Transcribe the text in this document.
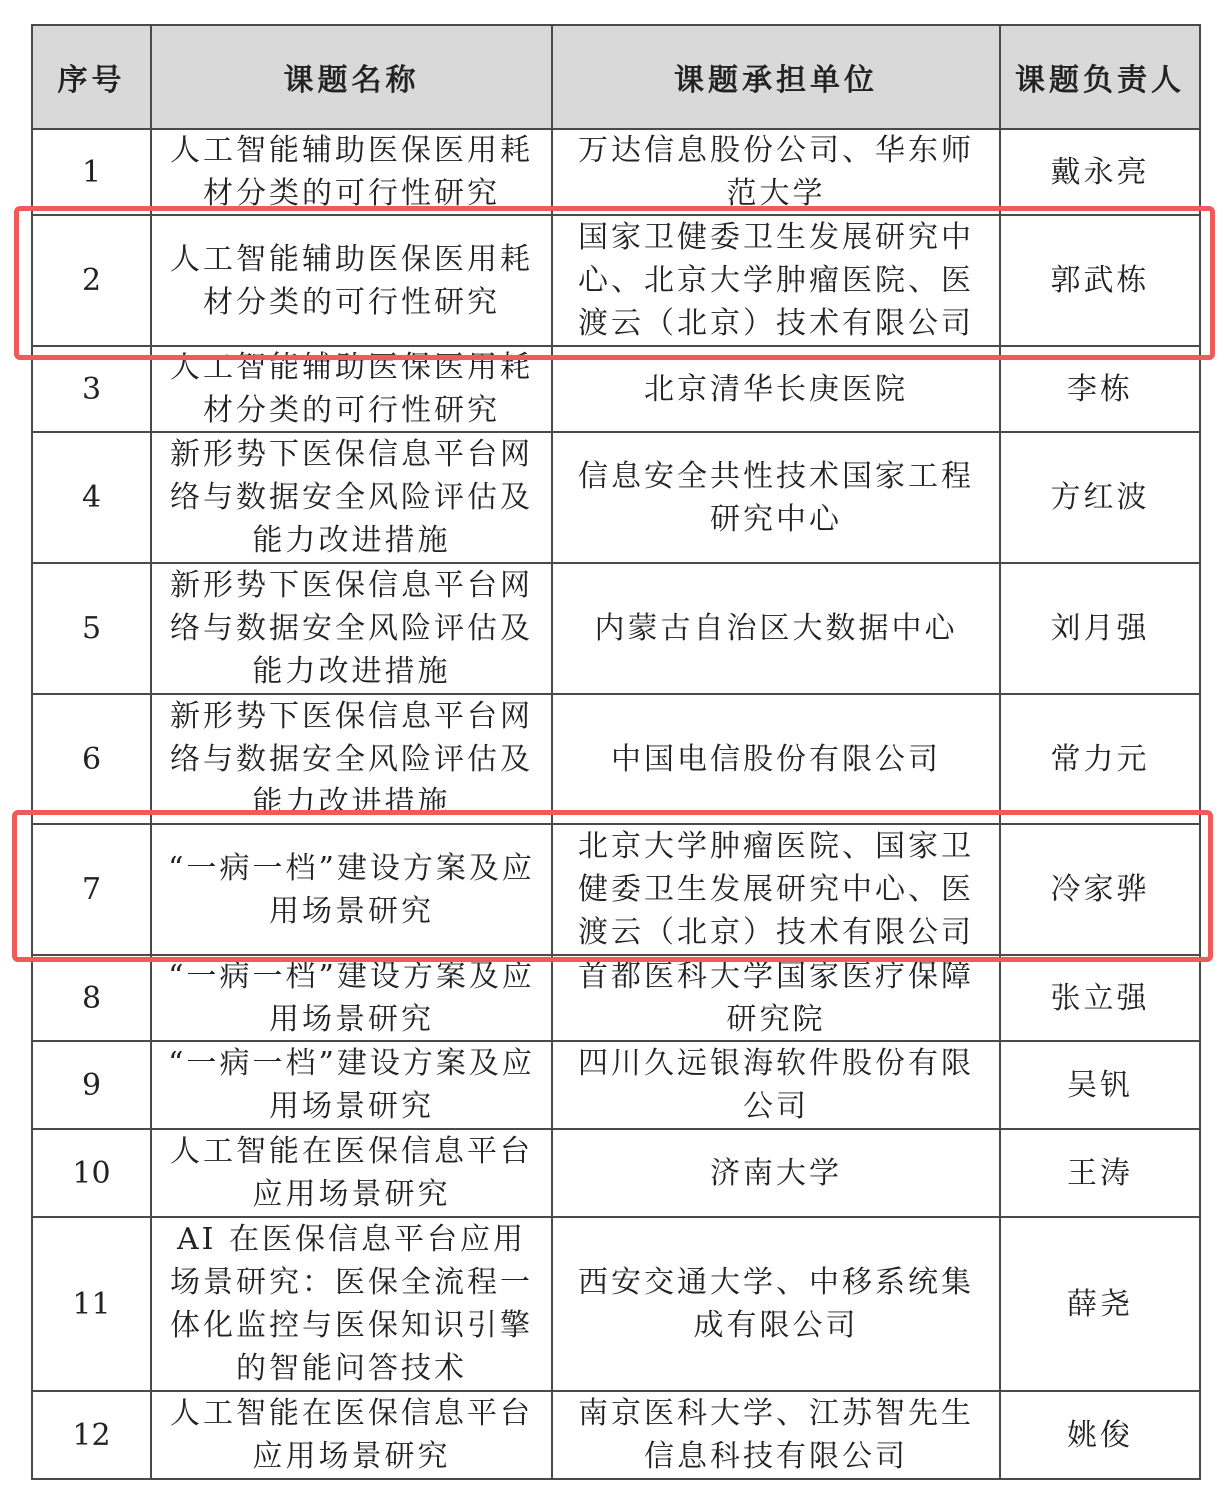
序号	课题名称	课题承担单位	课题负责人
1	人工智能辅助医保医用耗材分类的可行性研究	万达信息股份公司、华东师范大学	戴永亮
2	人工智能辅助医保医用耗材分类的可行性研究	国家卫健委卫生发展研究中心、北京大学肿瘤医院、医渡云（北京）技术有限公司	郭武栋
3	人工智能辅助医保医用耗材分类的可行性研究	北京清华长庚医院	李栋
4	新形势下医保信息平台网络与数据安全风险评估及能力改进措施	信息安全共性技术国家工程研究中心	方红波
5	新形势下医保信息平台网络与数据安全风险评估及能力改进措施	内蒙古自治区大数据中心	刘月强
6	新形势下医保信息平台网络与数据安全风险评估及能力改进措施	中国电信股份有限公司	常力元
7	“一病一档”建设方案及应用场景研究	北京大学肿瘤医院、国家卫健委卫生发展研究中心、医渡云（北京）技术有限公司	冷家骅
8	“一病一档”建设方案及应用场景研究	首都医科大学国家医疗保障研究院	张立强
9	“一病一档”建设方案及应用场景研究	四川久远银海软件股份有限公司	吴钒
10	人工智能在医保信息平台应用场景研究	济南大学	王涛
11	AI 在医保信息平台应用场景研究：医保全流程一体化监控与医保知识引擎的智能问答技术	西安交通大学、中移系统集成有限公司	薛尧
12	人工智能在医保信息平台应用场景研究	南京医科大学、江苏智先生信息科技有限公司	姚俊
